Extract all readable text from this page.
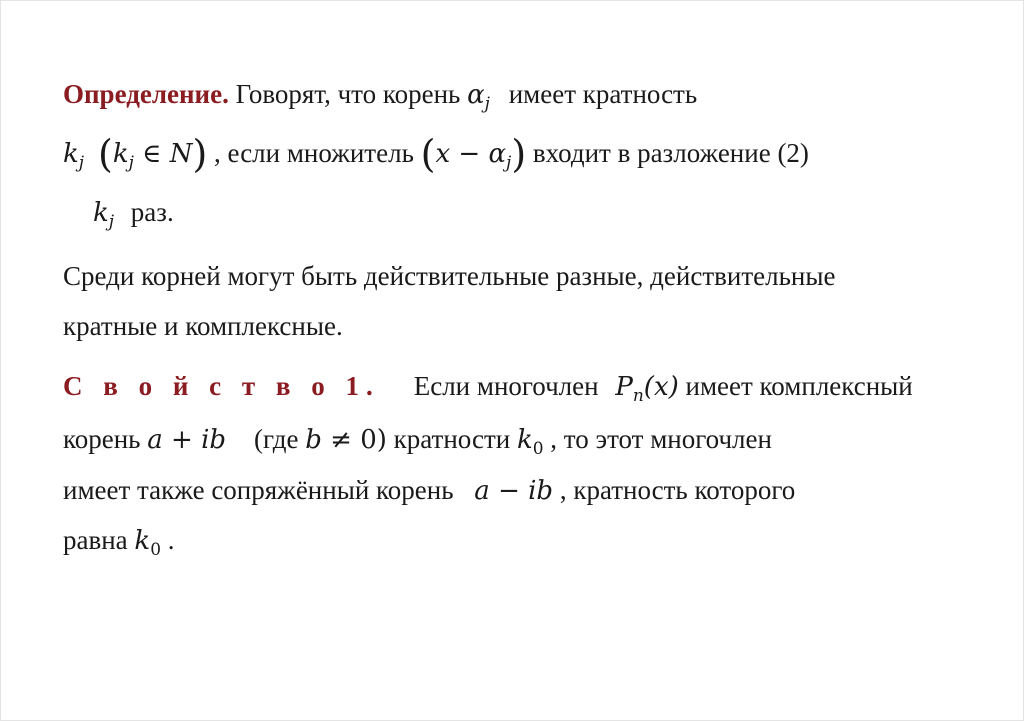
Определение. Говорят, что корень $\alpha_j$ имеет кратность
$k_j$ ($k_j$ ∈ N) , если множитель $(x - \alpha_j)$ входит в разложение (2)
$k_j$ раз.
Среди корней могут быть действительные разные, действительные
кратные и комплексные.
С в о й с т в о 1. Если многочлен $P_n(x)$ имеет комплексный
корень a + ib (где b ≠ 0) кратности $k_0$ , то этот многочлен
имеет также сопряжённый корень a − ib , кратность которого
равна $k_0$ .
